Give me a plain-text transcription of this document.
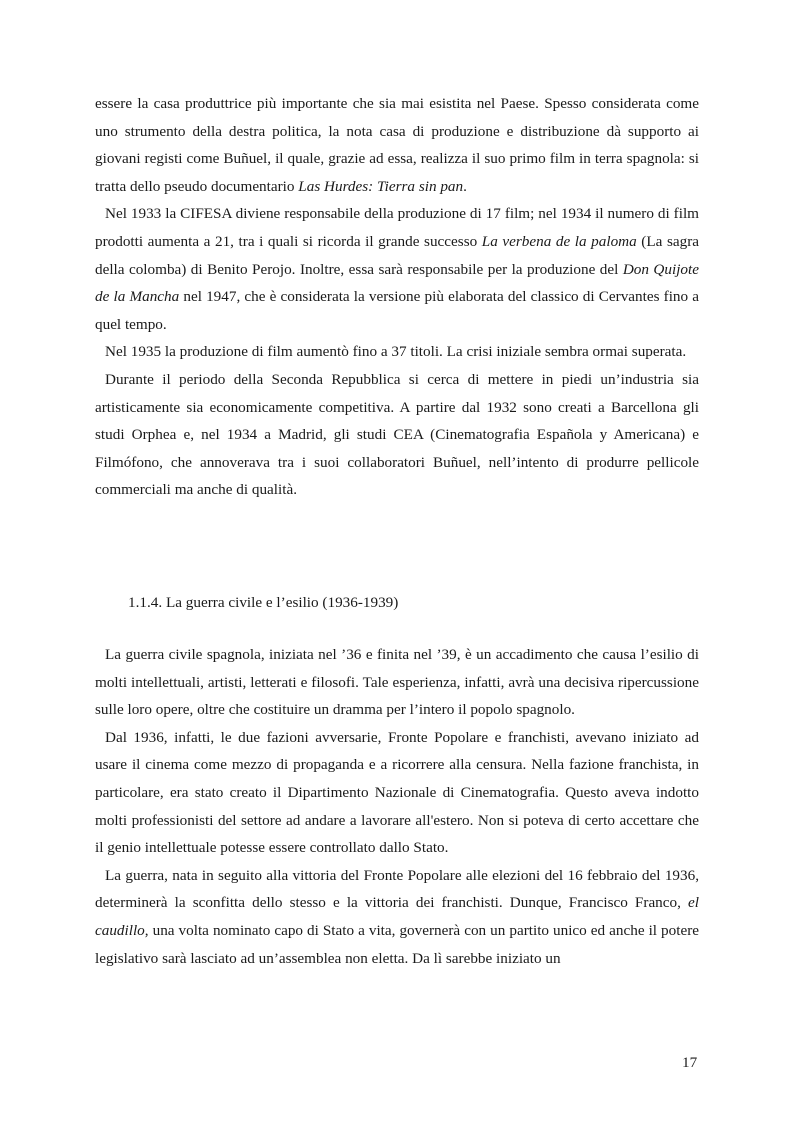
essere la casa produttrice più importante che sia mai esistita nel Paese. Spesso considerata come uno strumento della destra politica, la nota casa di produzione e distribuzione dà supporto ai giovani registi come Buñuel, il quale, grazie ad essa, realizza il suo primo film in terra spagnola: si tratta dello pseudo documentario Las Hurdes: Tierra sin pan.

Nel 1933 la CIFESA diviene responsabile della produzione di 17 film; nel 1934 il numero di film prodotti aumenta a 21, tra i quali si ricorda il grande successo La verbena de la paloma (La sagra della colomba) di Benito Perojo. Inoltre, essa sarà responsabile per la produzione del Don Quijote de la Mancha nel 1947, che è considerata la versione più elaborata del classico di Cervantes fino a quel tempo.

Nel 1935 la produzione di film aumentò fino a 37 titoli. La crisi iniziale sembra ormai superata.

Durante il periodo della Seconda Repubblica si cerca di mettere in piedi un’industria sia artisticamente sia economicamente competitiva. A partire dal 1932 sono creati a Barcellona gli studi Orphea e, nel 1934 a Madrid, gli studi CEA (Cinematografia Española y Americana) e Filmófono, che annoverava tra i suoi collaboratori Buñuel, nell’intento di produrre pellicole commerciali ma anche di qualità.

1.1.4. La guerra civile e l’esilio (1936-1939)

La guerra civile spagnola, iniziata nel ’36 e finita nel ’39, è un accadimento che causa l’esilio di molti intellettuali, artisti, letterati e filosofi. Tale esperienza, infatti, avrà una decisiva ripercussione sulle loro opere, oltre che costituire un dramma per l’intero il popolo spagnolo.

Dal 1936, infatti, le due fazioni avversarie, Fronte Popolare e franchisti, avevano iniziato ad usare il cinema come mezzo di propaganda e a ricorrere alla censura. Nella fazione franchista, in particolare, era stato creato il Dipartimento Nazionale di Cinematografia. Questo aveva indotto molti professionisti del settore ad andare a lavorare all'estero. Non si poteva di certo accettare che il genio intellettuale potesse essere controllato dallo Stato.

La guerra, nata in seguito alla vittoria del Fronte Popolare alle elezioni del 16 febbraio del 1936, determinerà la sconfitta dello stesso e la vittoria dei franchisti. Dunque, Francisco Franco, el caudillo, una volta nominato capo di Stato a vita, governerà con un partito unico ed anche il potere legislativo sarà lasciato ad un’assemblea non eletta. Da lì sarebbe iniziato un

17
